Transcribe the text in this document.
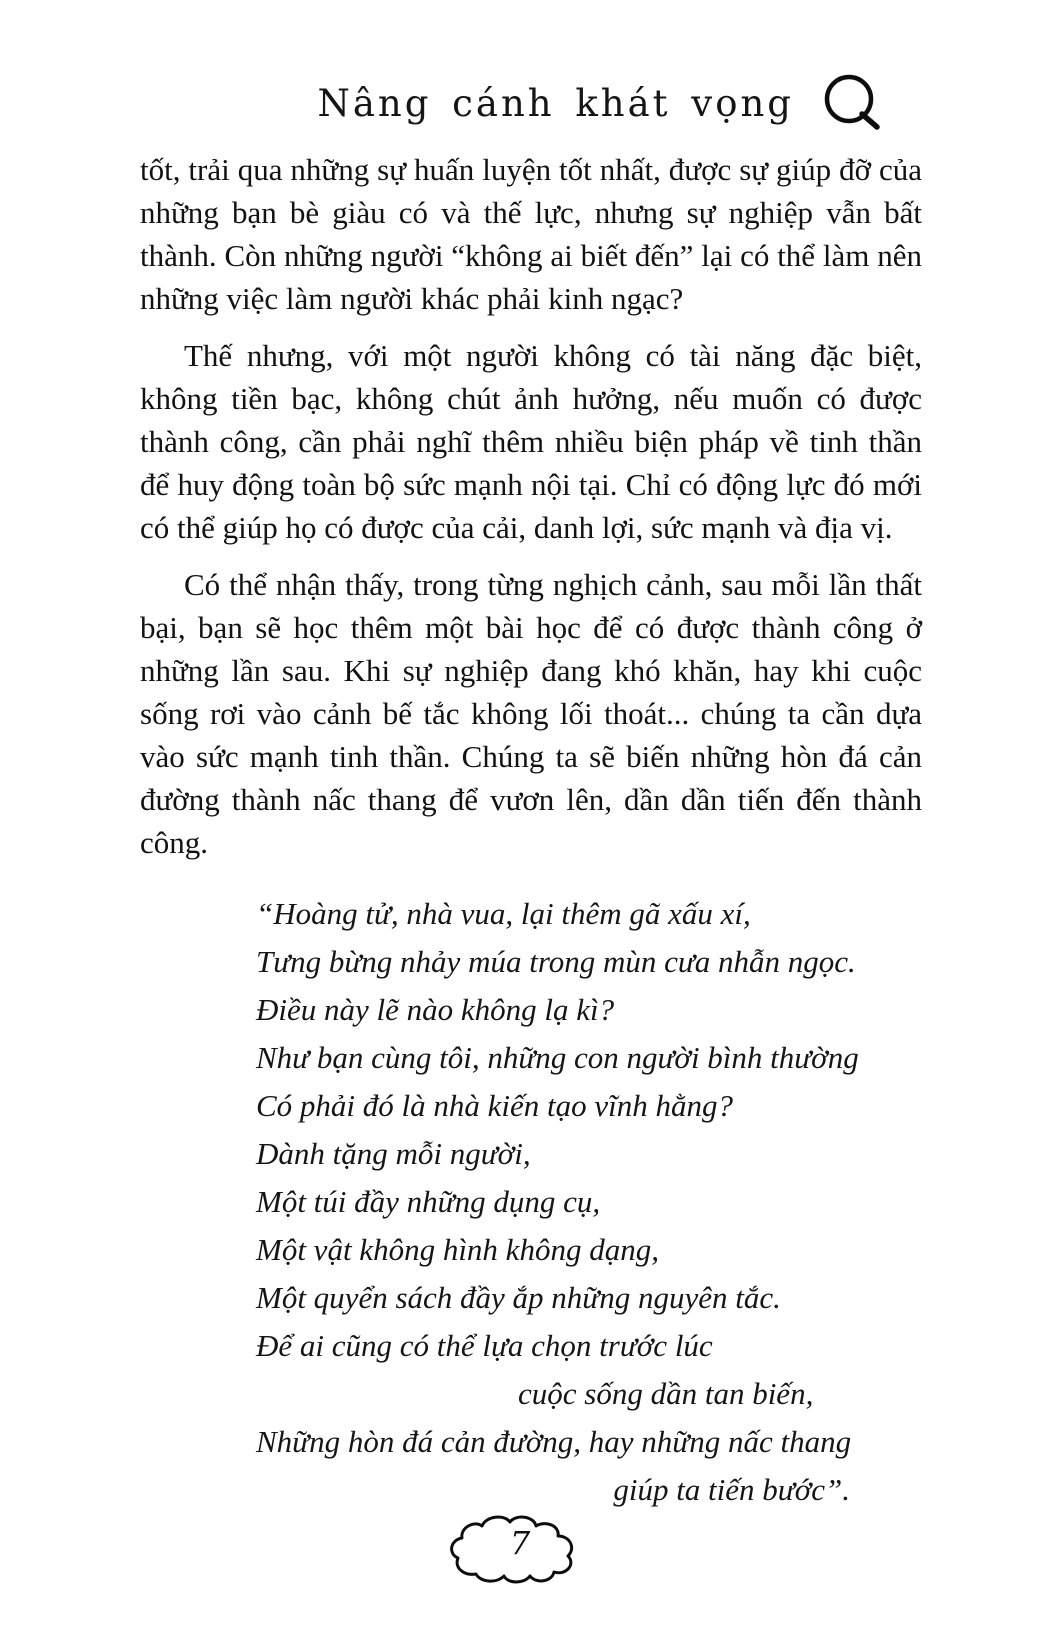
Nâng cánh khát vọng

tốt, trải qua những sự huấn luyện tốt nhất, được sự giúp đỡ của những bạn bè giàu có và thế lực, nhưng sự nghiệp vẫn bất thành. Còn những người “không ai biết đến” lại có thể làm nên những việc làm người khác phải kinh ngạc?

Thế nhưng, với một người không có tài năng đặc biệt, không tiền bạc, không chút ảnh hưởng, nếu muốn có được thành công, cần phải nghĩ thêm nhiều biện pháp về tinh thần để huy động toàn bộ sức mạnh nội tại. Chỉ có động lực đó mới có thể giúp họ có được của cải, danh lợi, sức mạnh và địa vị.

Có thể nhận thấy, trong từng nghịch cảnh, sau mỗi lần thất bại, bạn sẽ học thêm một bài học để có được thành công ở những lần sau. Khi sự nghiệp đang khó khăn, hay khi cuộc sống rơi vào cảnh bế tắc không lối thoát... chúng ta cần dựa vào sức mạnh tinh thần. Chúng ta sẽ biến những hòn đá cản đường thành nấc thang để vươn lên, dần dần tiến đến thành công.

“Hoàng tử, nhà vua, lại thêm gã xấu xí,
Tưng bừng nhảy múa trong mùn cưa nhẫn ngọc.
Điều này lẽ nào không lạ kì?
Như bạn cùng tôi, những con người bình thường
Có phải đó là nhà kiến tạo vĩnh hằng?
Dành tặng mỗi người,
Một túi đầy những dụng cụ,
Một vật không hình không dạng,
Một quyển sách đầy ắp những nguyên tắc.
Để ai cũng có thể lựa chọn trước lúc
cuộc sống dần tan biến,
Những hòn đá cản đường, hay những nấc thang
giúp ta tiến bước”.
7
